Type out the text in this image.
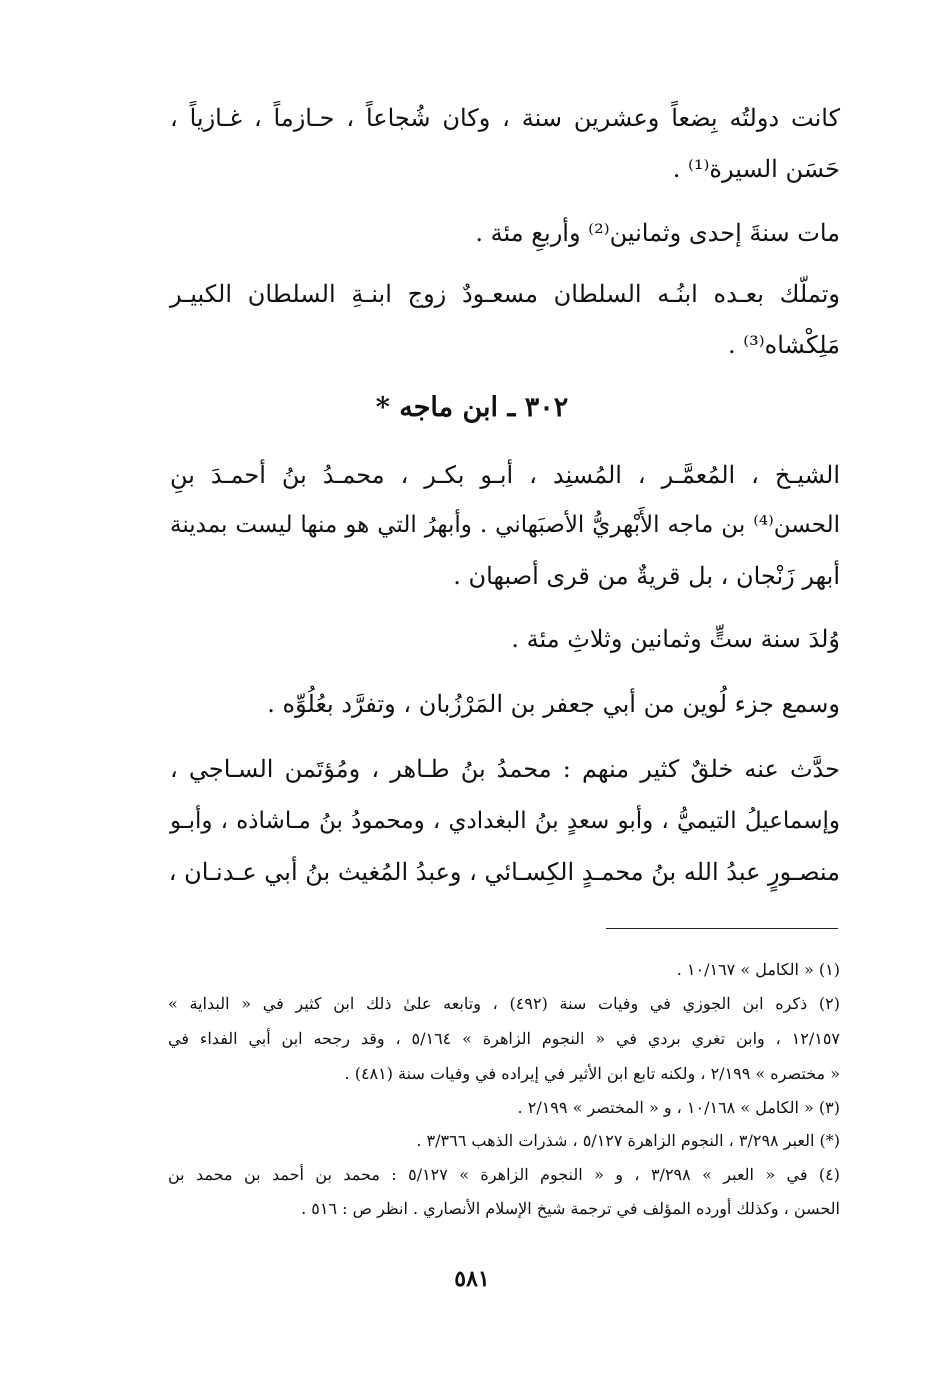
كانت دولتُه بِضعاً وعشرين سنة ، وكان شُجاعاً ، حـازماً ، غـازياً ،
حَسَن السيرة⁽¹⁾ .
مات سنةَ إحدى وثمانين⁽²⁾ وأربعِ مئة .
وتملّك بعـده ابنُـه السلطان مسعـودٌ زوج ابنـةِ السلطان الكبيـر
مَلِكْشاه⁽³⁾ .
٣٠٢ ـ ابن ماجه *
الشيـخ ، المُعمَّـر ، المُسنِد ، أبـو بكـر ، محمـدُ بنُ أحمـدَ بنِ
الحسن⁽⁴⁾ بن ماجه الأَبْهريُّ الأصبَهاني . وأبهرُ التي هو منها ليست بمدينة
أبهر زَنْجان ، بل قريةٌ من قرى أصبهان .
وُلدَ سنة ستٍّ وثمانين وثلاثِ مئة .
وسمع جزء لُوين من أبي جعفر بن المَرْزُبان ، وتفرَّد بعُلُوِّه .
حدَّث عنه خلقٌ كثير منهم : محمدُ بنُ طـاهر ، ومُؤتَمن السـاجي ،
وإسماعيلُ التيميُّ ، وأبو سعدٍ بنُ البغدادي ، ومحمودُ بنُ مـاشاذه ، وأبـو
منصـورٍ عبدُ الله بنُ محمـدٍ الكِسـائي ، وعبدُ المُغيث بنُ أبي عـدنـان ،
(١) « الكامل » ١٠/١٦٧ .
(٢) ذكره ابن الجوزي في وفيات سنة (٤٩٢) ، وتابعه علىٰ ذلك ابن كثير في « البداية »
١٢/١٥٧ ، وابن تغري بردي في « النجوم الزاهرة » ٥/١٦٤ ، وقد رجحه ابن أبي الفداء في
« مختصره » ٢/١٩٩ ، ولكنه تابع ابن الأثير في إيراده في وفيات سنة (٤٨١) .
(٣) « الكامل » ١٠/١٦٨ ، و « المختصر » ٢/١٩٩ .
(*) العبر ٣/٢٩٨ ، النجوم الزاهرة ٥/١٢٧ ، شذرات الذهب ٣/٣٦٦ .
(٤) في « العبر » ٣/٢٩٨ ، و « النجوم الزاهرة » ٥/١٢٧ : محمد بن أحمد بن محمد بن
الحسن ، وكذلك أورده المؤلف في ترجمة شيخ الإسلام الأنصاري . انظر ص : ٥١٦ .
٥٨١
